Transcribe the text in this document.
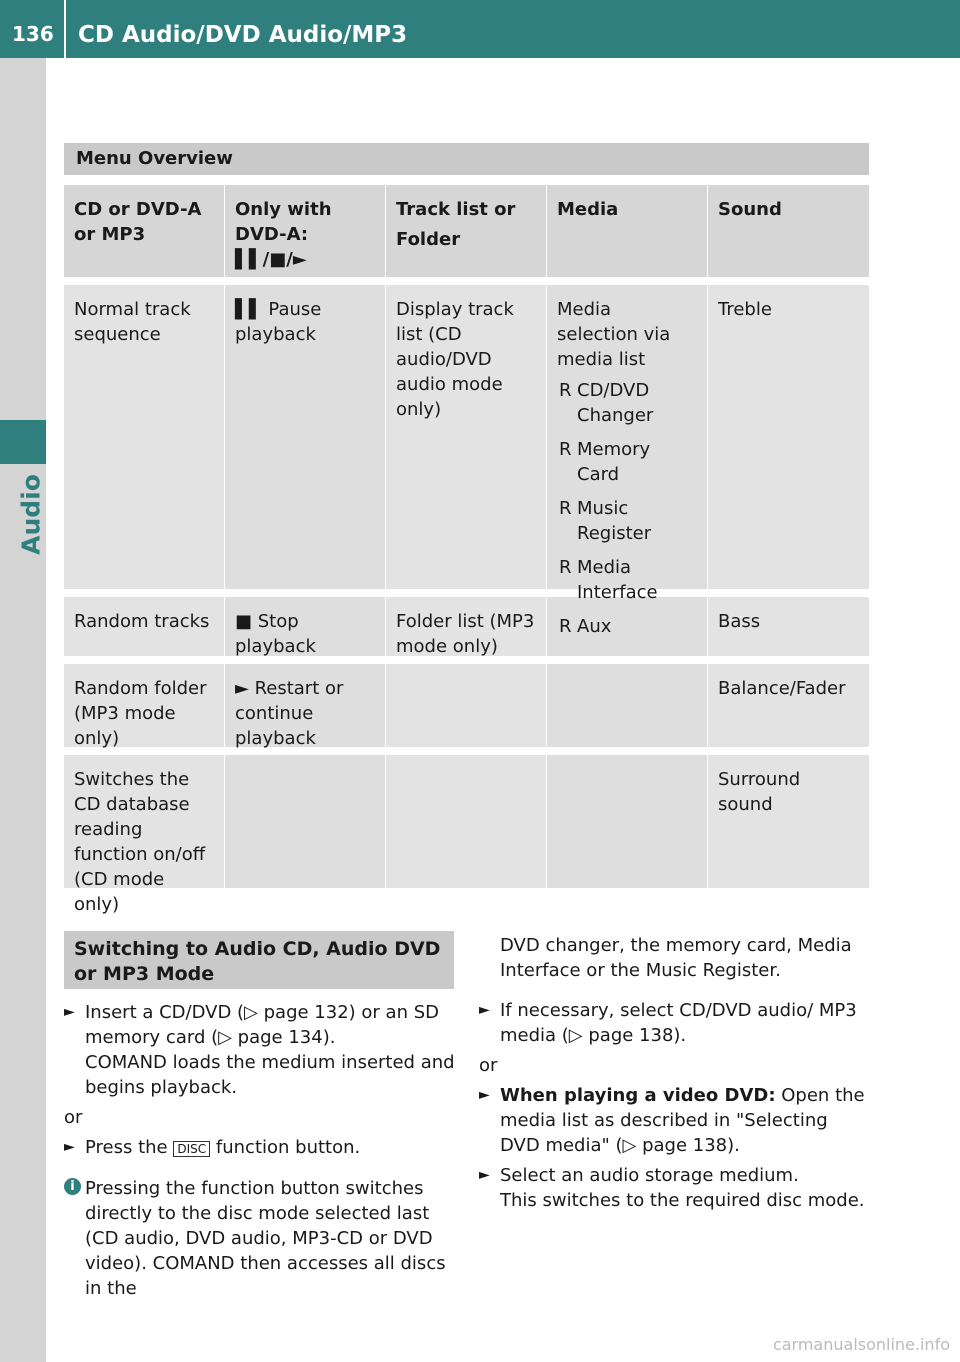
136 CD Audio/DVD Audio/MP3
Audio
Menu Overview
CD or DVD-A or MP3
Only with DVD-A:
▌▌/■/►
Track list or
Folder
Media	Sound
Normal track sequence
▌▌ Pause playback
Display track list (CD audio/DVD audio mode only)
Media selection via media list
R CD/DVD Changer
R Memory Card
R Music Register
R Media Interface
R Aux
Treble
Random tracks	■ Stop playback
Folder list (MP3 mode only)
Bass
Random folder (MP3 mode only)
► Restart or continue playback
Balance/Fader
Switches the CD database reading function on/off (CD mode only)
Surround sound
Switching to Audio CD, Audio DVD or MP3 Mode
► Insert a CD/DVD (▷ page 132) or an SD memory card (▷ page 134).
COMAND loads the medium inserted and begins playback.
or
► Press the DISC function button.
i Pressing the function button switches directly to the disc mode selected last (CD audio, DVD audio, MP3-CD or DVD video). COMAND then accesses all discs in the
DVD changer, the memory card, Media Interface or the Music Register.
► If necessary, select CD/DVD audio/ MP3 media (▷ page 138).
or
► When playing a video DVD: Open the media list as described in "Selecting DVD media" (▷ page 138).
► Select an audio storage medium.
This switches to the required disc mode.
carmanualsonline.info
